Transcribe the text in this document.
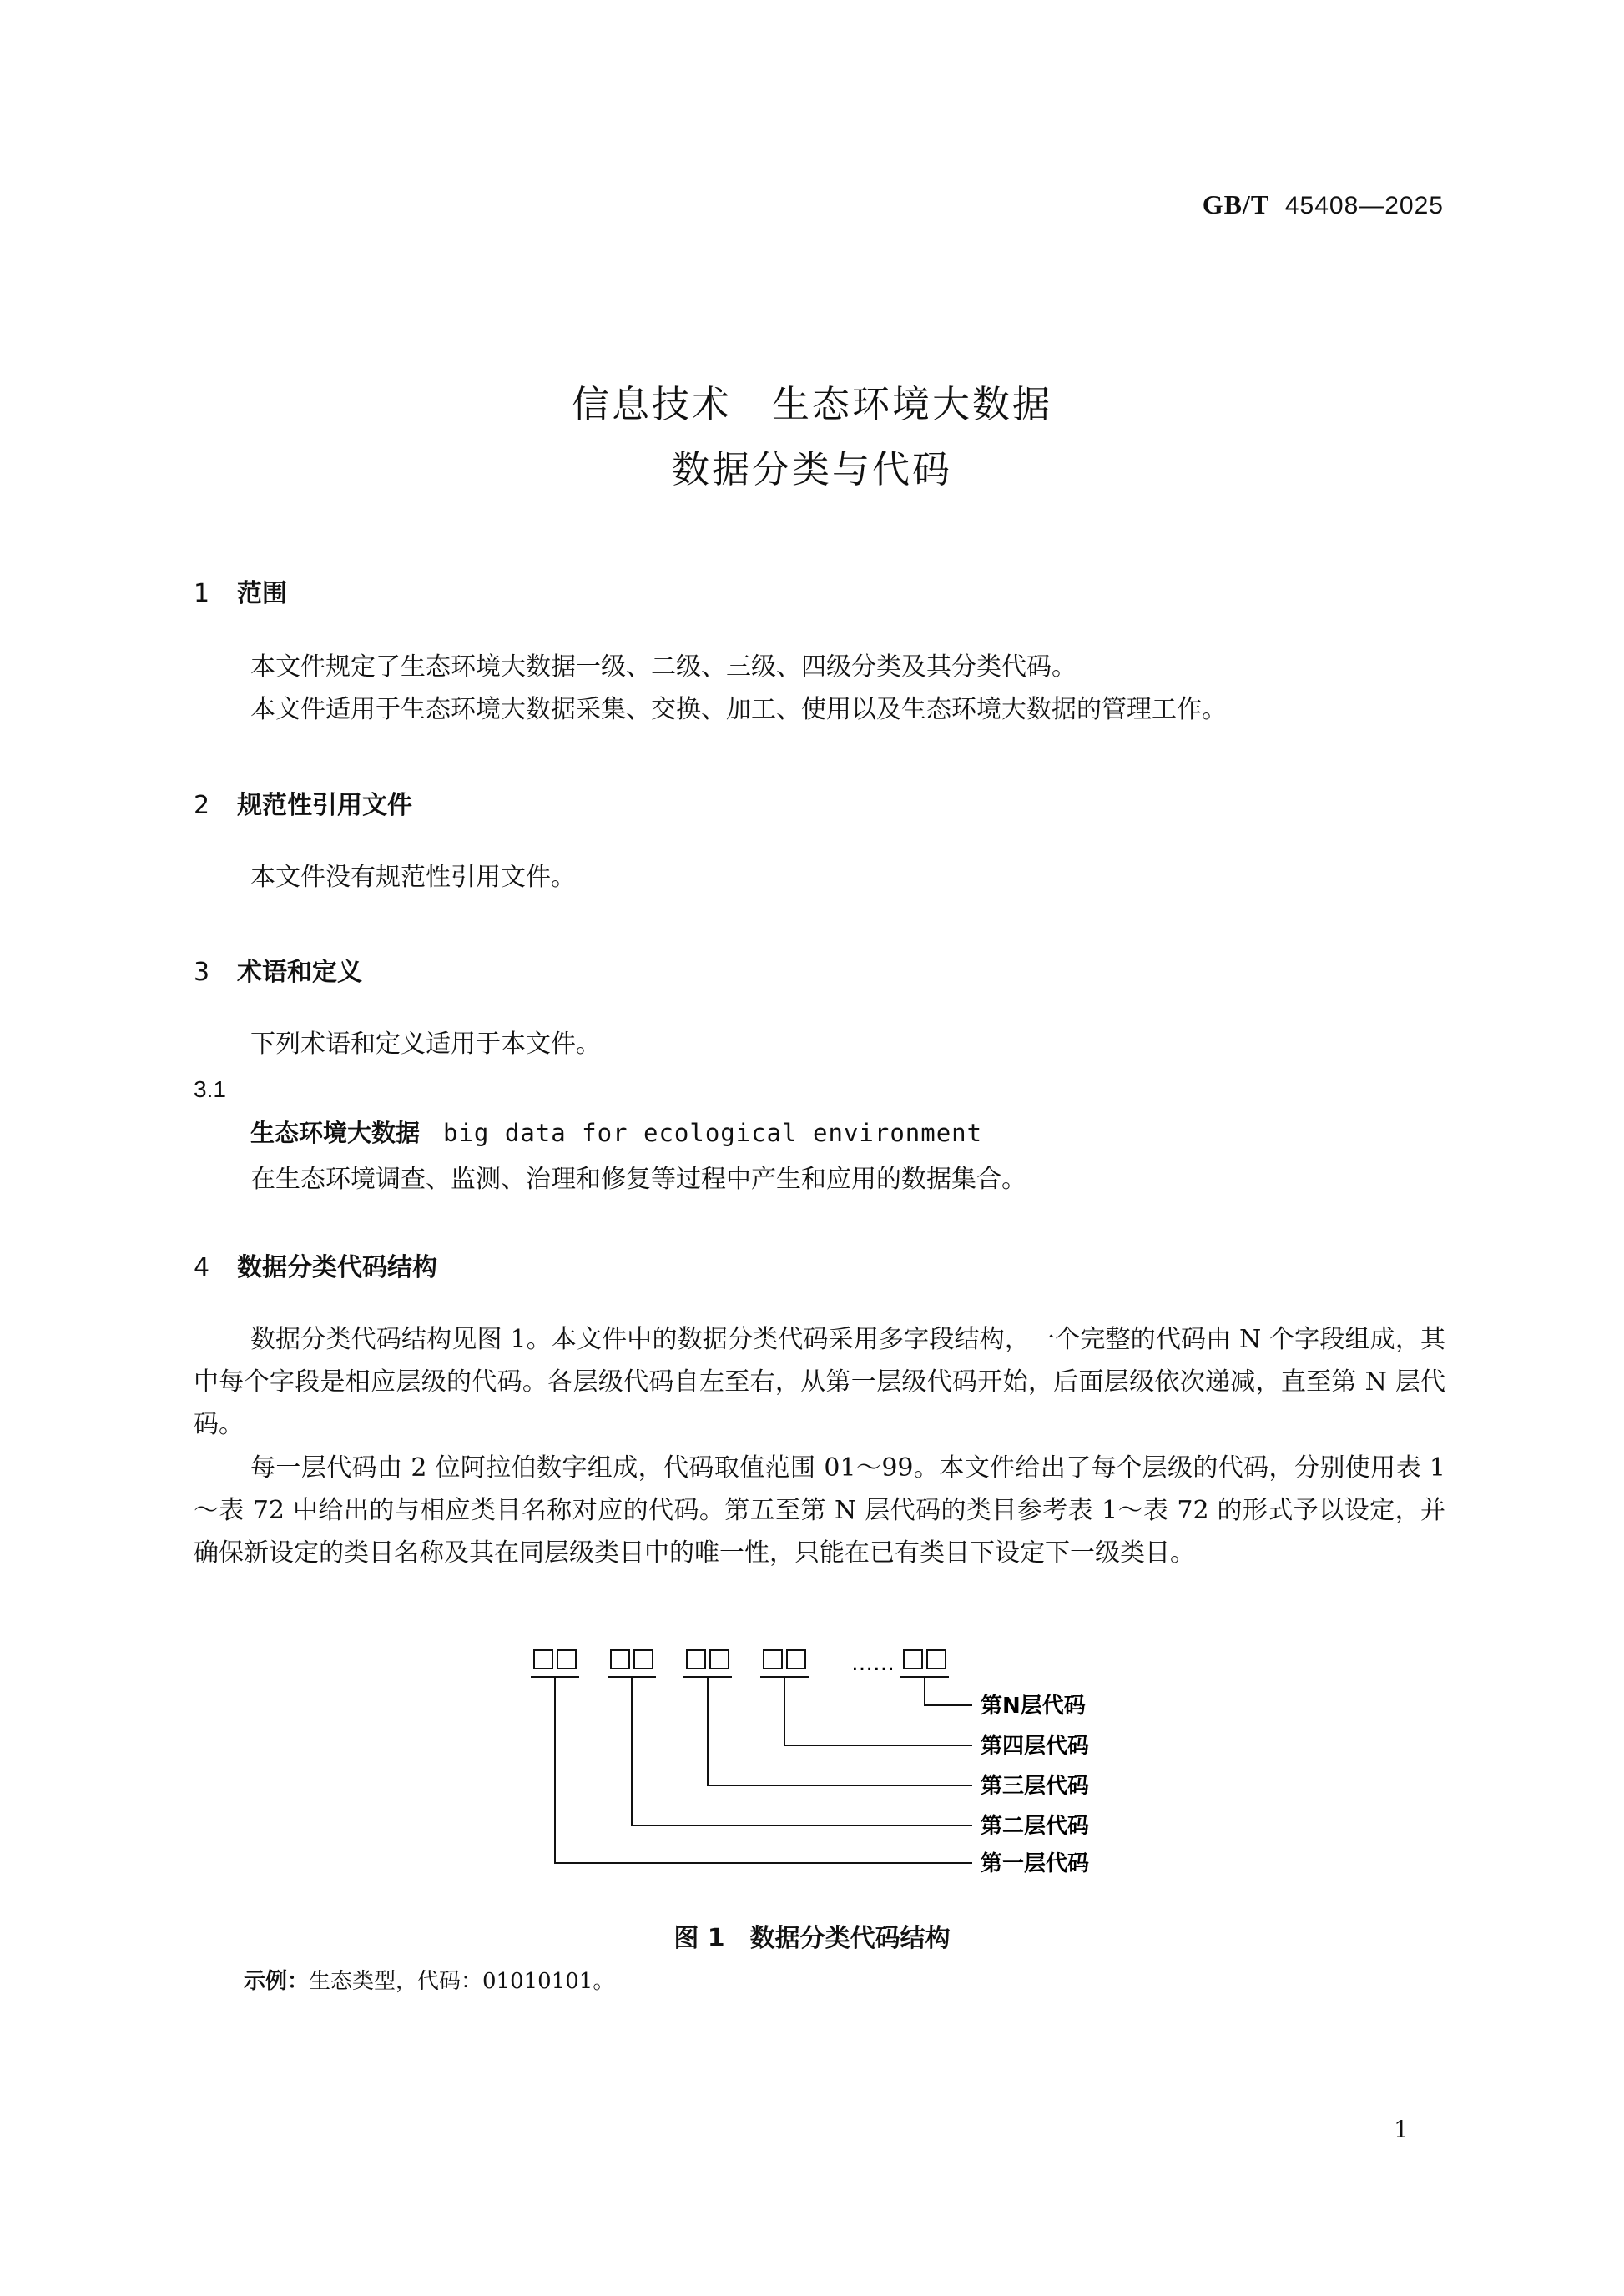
GB/T 45408—2025
信息技术 生态环境大数据
数据分类与代码
1 范围

本文件规定了生态环境大数据一级、二级、三级、四级分类及其分类代码。

本文件适用于生态环境大数据采集、交换、加工、使用以及生态环境大数据的管理工作。

2 规范性引用文件

本文件没有规范性引用文件。

3 术语和定义

下列术语和定义适用于本文件。

3.1
生态环境大数据 big data for ecological environment
在生态环境调查、监测、治理和修复等过程中产生和应用的数据集合。
4 数据分类代码结构

数据分类代码结构见图 1。本文件中的数据分类代码采用多字段结构，一个完整的代码由 N 个字段组成，其中每个字段是相应层级的代码。各层级代码自左至右，从第一层级代码开始，后面层级依次递减，直至第 N 层代码。

每一层代码由 2 位阿拉伯数字组成，代码取值范围 01～99。本文件给出了每个层级的代码，分别使用表 1～表 72 中给出的与相应类目名称对应的代码。第五至第 N 层代码的类目参考表 1～表 72 的形式予以设定，并确保新设定的类目名称及其在同层级类目中的唯一性，只能在已有类目下设定下一级类目。

……
第N层代码
第四层代码
第三层代码
第二层代码
第一层代码
图 1 数据分类代码结构
示例：生态类型，代码：01010101。
1
